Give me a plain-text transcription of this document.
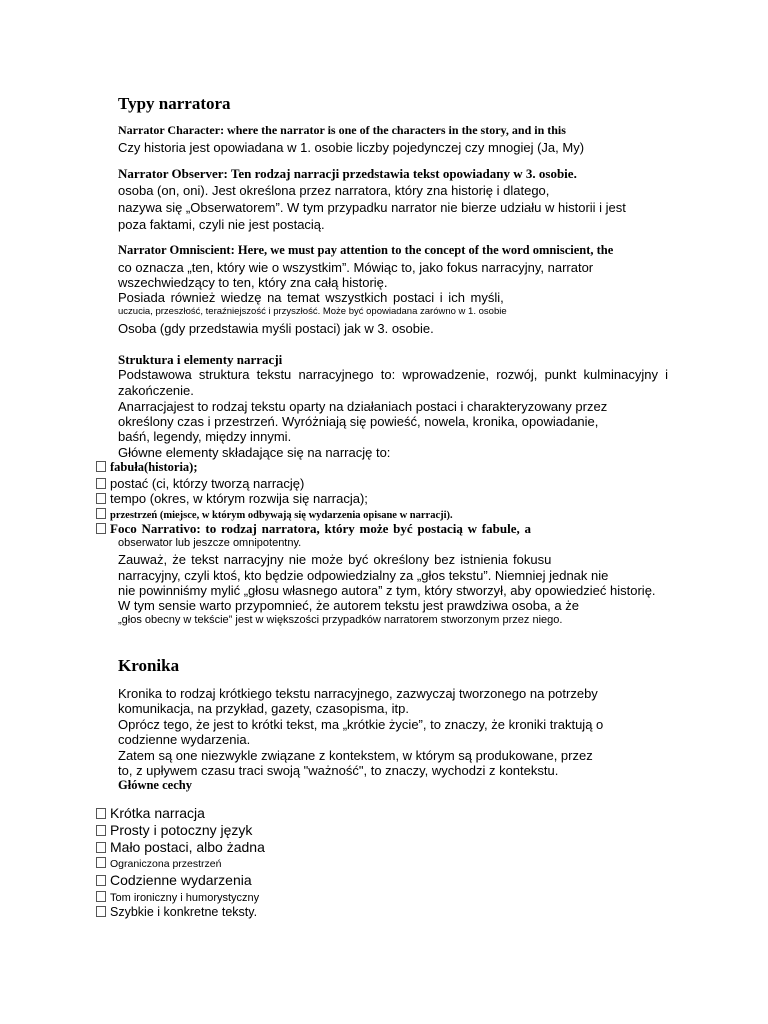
Typy narratora
Narrator Character: where the narrator is one of the characters in the story, and in this
Czy historia jest opowiadana w 1. osobie liczby pojedynczej czy mnogiej (Ja, My)
Narrator Observer: Ten rodzaj narracji przedstawia tekst opowiadany w 3. osobie.
osoba (on, oni). Jest określona przez narratora, który zna historię i dlatego,
nazywa się „Obserwatorem”. W tym przypadku narrator nie bierze udziału w historii i jest
poza faktami, czyli nie jest postacią.
Narrator Omniscient: Here, we must pay attention to the concept of the word omniscient, the
co oznacza „ten, który wie o wszystkim”. Mówiąc to, jako fokus narracyjny, narrator
wszechwiedzący to ten, który zna całą historię.
Posiada również wiedzę na temat wszystkich postaci i ich myśli,
uczucia, przeszłość, teraźniejszość i przyszłość. Może być opowiadana zarówno w 1. osobie
Osoba (gdy przedstawia myśli postaci) jak w 3. osobie.
Struktura i elementy narracji
Podstawowa struktura tekstu narracyjnego to: wprowadzenie, rozwój, punkt kulminacyjny i
zakończenie.
Anarracjajest to rodzaj tekstu oparty na działaniach postaci i charakteryzowany przez
określony czas i przestrzeń. Wyróżniają się powieść, nowela, kronika, opowiadanie,
baśń, legendy, między innymi.
Główne elementy składające się na narrację to:
fabuła(historia);
postać (ci, którzy tworzą narrację)
tempo (okres, w którym rozwija się narracja);
przestrzeń (miejsce, w którym odbywają się wydarzenia opisane w narracji).
Foco Narrativo: to rodzaj narratora, który może być postacią w fabule, a
obserwator lub jeszcze omnipotentny.
Zauważ, że tekst narracyjny nie może być określony bez istnienia fokusu
narracyjny, czyli ktoś, kto będzie odpowiedzialny za „głos tekstu”. Niemniej jednak nie
nie powinniśmy mylić „głosu własnego autora” z tym, który stworzył, aby opowiedzieć historię.
W tym sensie warto przypomnieć, że autorem tekstu jest prawdziwa osoba, a że
„głos obecny w tekście” jest w większości przypadków narratorem stworzonym przez niego.
Kronika
Kronika to rodzaj krótkiego tekstu narracyjnego, zazwyczaj tworzonego na potrzeby
komunikacja, na przykład, gazety, czasopisma, itp.
Oprócz tego, że jest to krótki tekst, ma „krótkie życie”, to znaczy, że kroniki traktują o
codzienne wydarzenia.
Zatem są one niezwykle związane z kontekstem, w którym są produkowane, przez
to, z upływem czasu traci swoją "ważność", to znaczy, wychodzi z kontekstu.
Główne cechy
Krótka narracja
Prosty i potoczny język
Mało postaci, albo żadna
Ograniczona przestrzeń
Codzienne wydarzenia
Tom ironiczny i humorystyczny
Szybkie i konkretne teksty.
